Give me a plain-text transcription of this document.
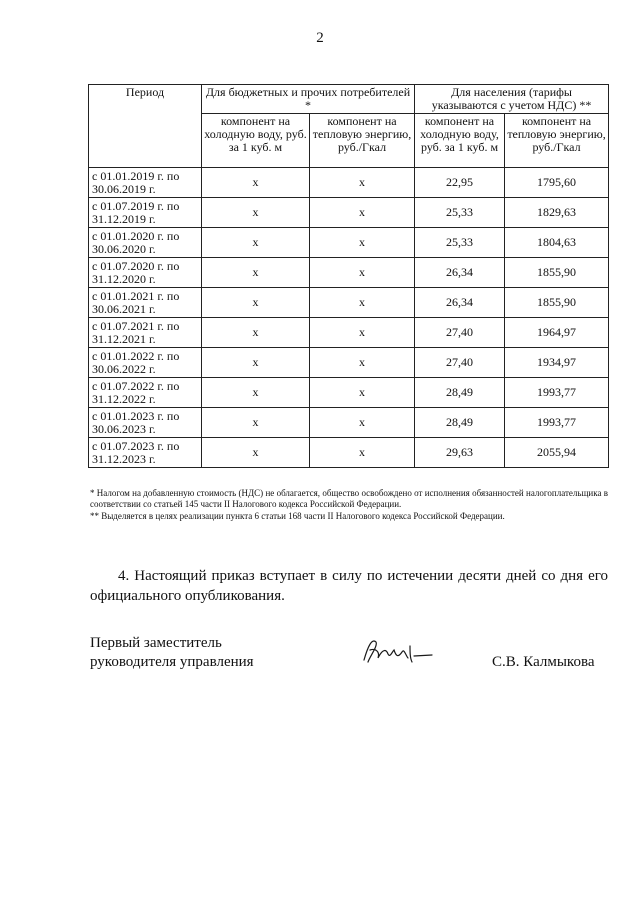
2
Период	Для бюджетных и прочих потребителей *		Для населения (тарифы указываются с учетом НДС) **	
	компонент на холодную воду, руб. за 1 куб. м	компонент на тепловую энергию, руб./Гкал	компонент на холодную воду, руб. за 1 куб. м	компонент на тепловую энергию, руб./Гкал
с 01.01.2019 г. по 30.06.2019 г.	х	х	22,95	1795,60
с 01.07.2019 г. по 31.12.2019 г.	х	х	25,33	1829,63
с 01.01.2020 г. по 30.06.2020 г.	х	х	25,33	1804,63
с 01.07.2020 г. по 31.12.2020 г.	х	х	26,34	1855,90
с 01.01.2021 г. по 30.06.2021 г.	х	х	26,34	1855,90
с 01.07.2021 г. по 31.12.2021 г.	х	х	27,40	1964,97
с 01.01.2022 г. по 30.06.2022 г.	х	х	27,40	1934,97
с 01.07.2022 г. по 31.12.2022 г.	х	х	28,49	1993,77
с 01.01.2023 г. по 30.06.2023 г.	х	х	28,49	1993,77
с 01.07.2023 г. по 31.12.2023 г.	х	х	29,63	2055,94

* Налогом на добавленную стоимость (НДС) не облагается, общество освобождено от исполнения обязанностей налогоплательщика в соответствии со статьей 145 части II Налогового кодекса Российской Федерации.

** Выделяется в целях реализации пункта 6 статьи 168 части II Налогового кодекса Российской Федерации.

4. Настоящий приказ вступает в силу по истечении десяти дней со дня его официального опубликования.

Первый заместитель
руководителя управления	С.В. Калмыкова
